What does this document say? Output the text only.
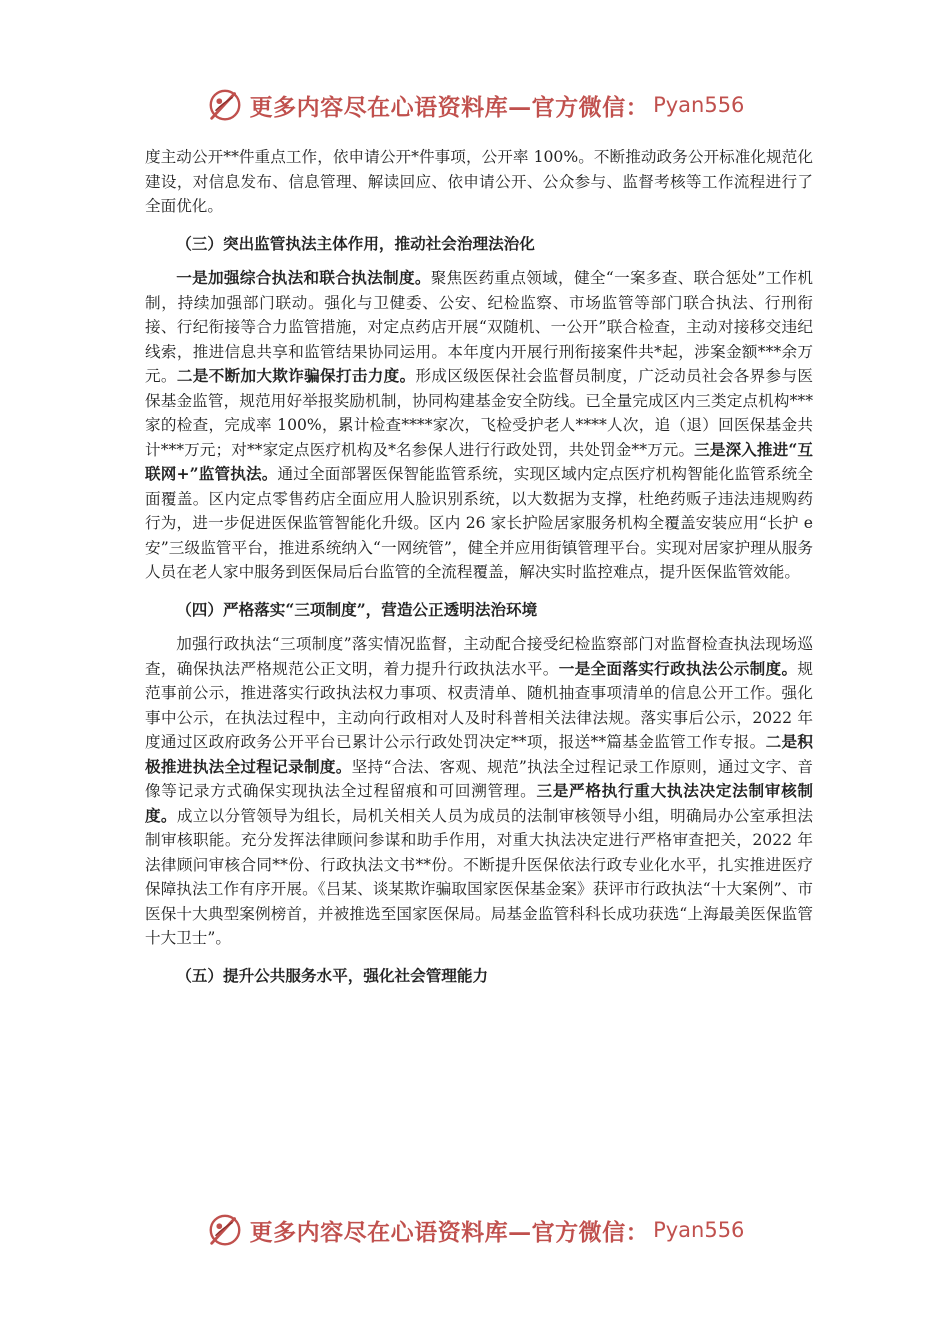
更多内容尽在心语资料库—官方微信： Pyan556

度主动公开**件重点工作，依申请公开*件事项，公开率 100%。不断推动政务公开标准化规范化建设，对信息发布、信息管理、解读回应、依申请公开、公众参与、监督考核等工作流程进行了全面优化。

（三）突出监管执法主体作用，推动社会治理法治化

一是加强综合执法和联合执法制度。聚焦医药重点领域，健全“一案多查、联合惩处”工作机制，持续加强部门联动。强化与卫健委、公安、纪检监察、市场监管等部门联合执法、行刑衔接、行纪衔接等合力监管措施，对定点药店开展“双随机、一公开”联合检查，主动对接移交违纪线索，推进信息共享和监管结果协同运用。本年度内开展行刑衔接案件共*起，涉案金额***余万元。二是不断加大欺诈骗保打击力度。形成区级医保社会监督员制度，广泛动员社会各界参与医保基金监管，规范用好举报奖励机制，协同构建基金安全防线。已全量完成区内三类定点机构***家的检查，完成率 100%，累计检查****家次，飞检受护老人****人次，追（退）回医保基金共计***万元；对**家定点医疗机构及*名参保人进行行政处罚，共处罚金**万元。三是深入推进“互联网+”监管执法。通过全面部署医保智能监管系统，实现区域内定点医疗机构智能化监管系统全面覆盖。区内定点零售药店全面应用人脸识别系统，以大数据为支撑，杜绝药贩子违法违规购药行为，进一步促进医保监管智能化升级。区内 26 家长护险居家服务机构全覆盖安装应用“长护 e 安”三级监管平台，推进系统纳入“一网统管”，健全并应用街镇管理平台。实现对居家护理从服务人员在老人家中服务到医保局后台监管的全流程覆盖，解决实时监控难点，提升医保监管效能。

（四）严格落实“三项制度”，营造公正透明法治环境

加强行政执法“三项制度”落实情况监督，主动配合接受纪检监察部门对监督检查执法现场巡查，确保执法严格规范公正文明，着力提升行政执法水平。一是全面落实行政执法公示制度。规范事前公示，推进落实行政执法权力事项、权责清单、随机抽查事项清单的信息公开工作。强化事中公示，在执法过程中，主动向行政相对人及时科普相关法律法规。落实事后公示，2022 年度通过区政府政务公开平台已累计公示行政处罚决定**项，报送**篇基金监管工作专报。二是积极推进执法全过程记录制度。坚持“合法、客观、规范”执法全过程记录工作原则，通过文字、音像等记录方式确保实现执法全过程留痕和可回溯管理。三是严格执行重大执法决定法制审核制度。成立以分管领导为组长，局机关相关人员为成员的法制审核领导小组，明确局办公室承担法制审核职能。充分发挥法律顾问参谋和助手作用，对重大执法决定进行严格审查把关，2022 年法律顾问审核合同**份、行政执法文书**份。不断提升医保依法行政专业化水平，扎实推进医疗保障执法工作有序开展。《吕某、谈某欺诈骗取国家医保基金案》获评市行政执法“十大案例”、市医保十大典型案例榜首，并被推选至国家医保局。局基金监管科科长成功获选“上海最美医保监管十大卫士”。

（五）提升公共服务水平，强化社会管理能力
更多内容尽在心语资料库—官方微信： Pyan556
